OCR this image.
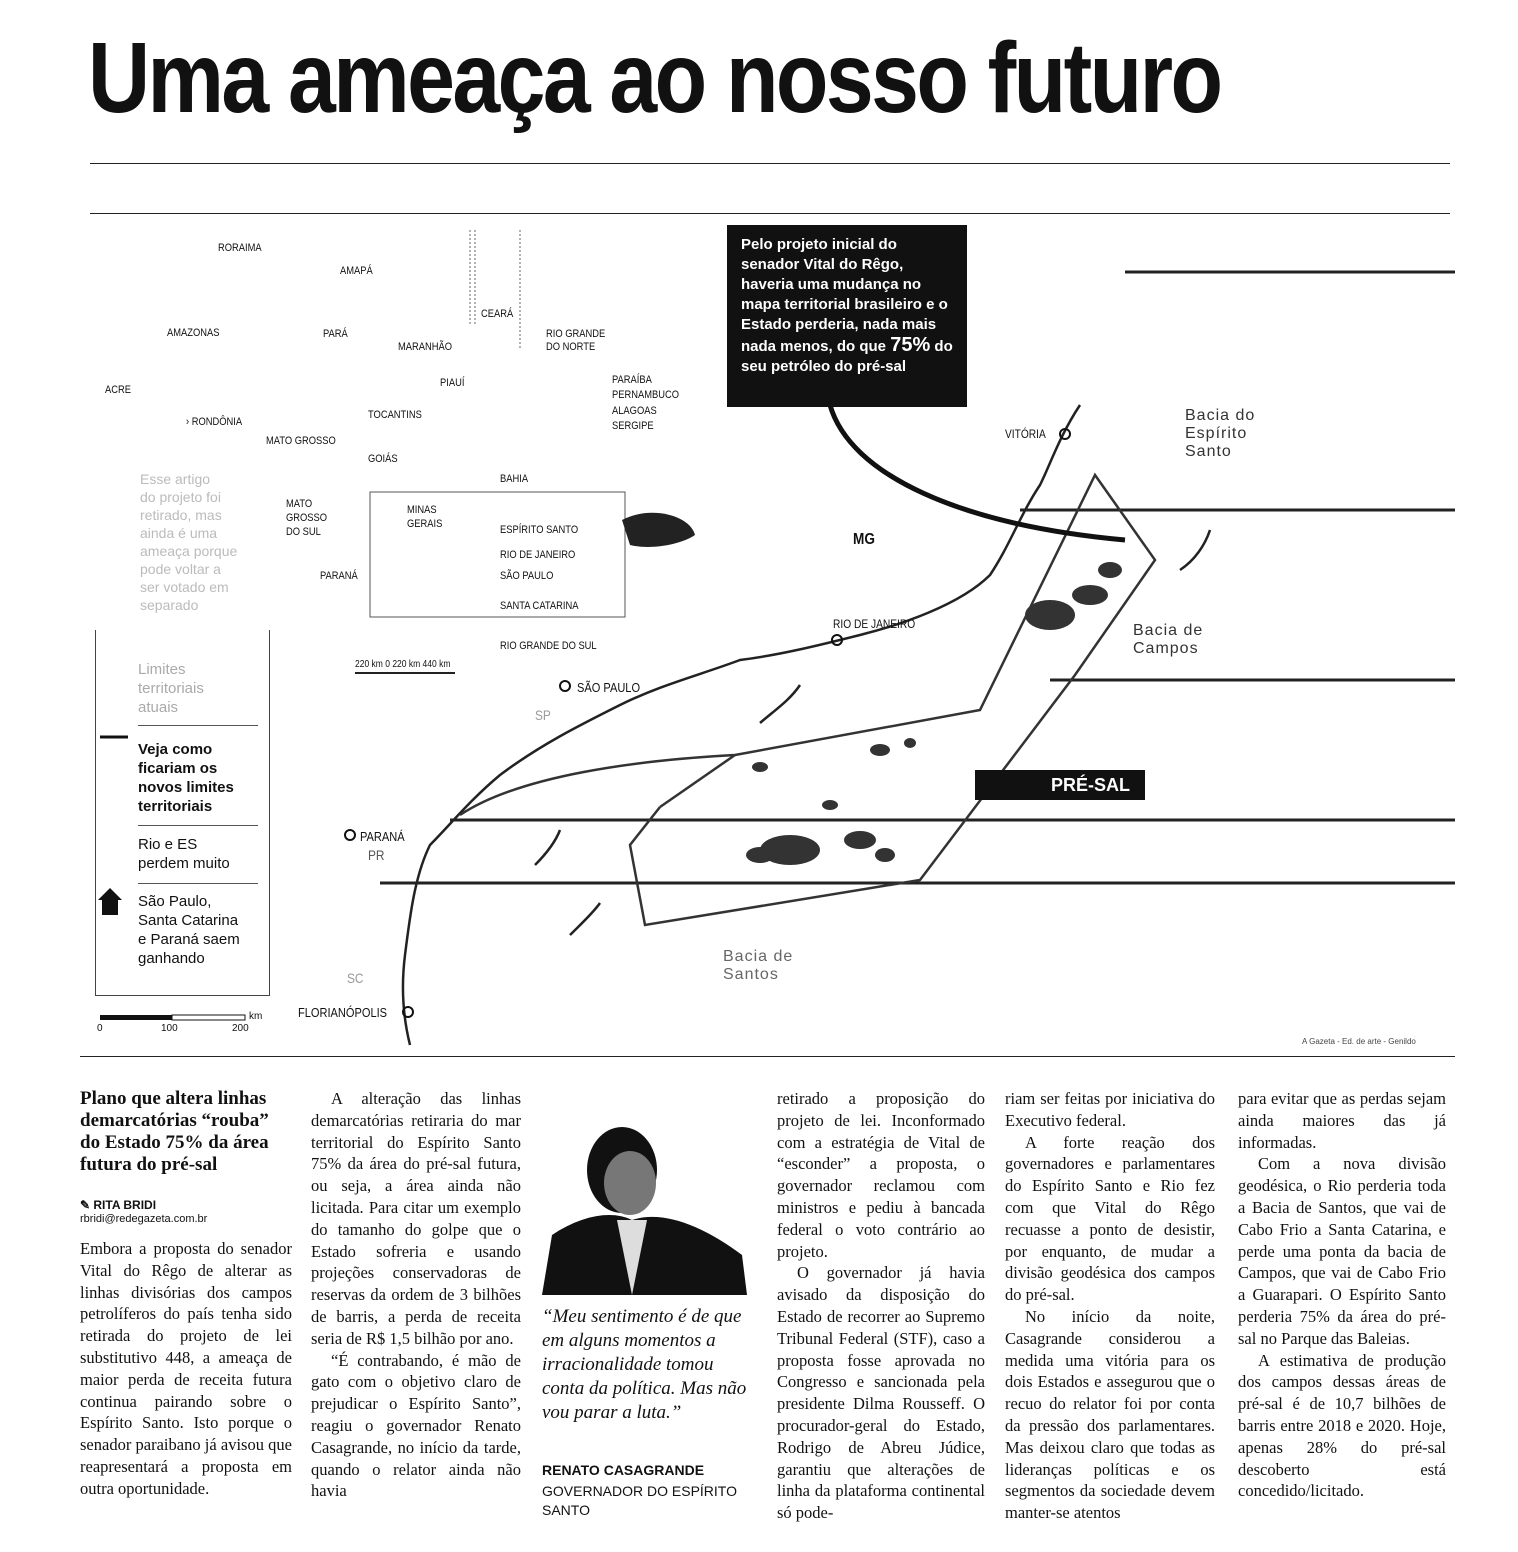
Uma ameaça ao nosso futuro
RORAIMA
AMAPÁ
AMAZONAS	PARÁ
MARANHÃO
CEARÁ
RIO GRANDE
DO NORTE
ACRE
PIAUÍ	PARAÍBA
PERNAMBUCO
ALAGOAS
SERGIPE
› RONDÔNIA
TOCANTINS
MATO GROSSO
GOIÁS
BAHIA
MATO
GROSSO
DO SUL
MINAS
GERAIS	ESPÍRITO SANTO
RIO DE JANEIRO
SÃO PAULO
PARANÁ
SANTA CATARINA
RIO GRANDE DO SUL
220 km 0 220 km 440 km
Pelo projeto inicial do senador Vital do Rêgo, haveria uma mudança no mapa territorial brasileiro e o Estado perderia, nada mais nada menos, do que 75% do seu petróleo do pré-sal
VITÓRIA
RIO DE JANEIRO
SÃO PAULO
PARANÁ
FLORIANÓPOLIS
MG
SP
PR
SC
Bacia do
Espírito
Santo
Bacia de
Campos
Bacia de
Santos
PRÉ-SAL
Esse artigo
do projeto foi
retirado, mas
ainda é uma
ameaça porque
pode voltar a
ser votado em
separado
Limites
territoriais
atuais
Veja como
ficariam os
novos limites
territoriais
Rio e ES
perdem muito
São Paulo,
Santa Catarina
e Paraná saem
ganhando
0	100	200
km
A Gazeta - Ed. de arte - Genildo
Plano que altera linhas demarcatórias “rouba” do Estado 75% da área futura do pré-sal
✎ RITA BRIDI
rbridi@redegazeta.com.br

Embora a proposta do senador Vital do Rêgo de alterar as linhas divisórias dos campos petrolíferos do país tenha sido retirada do projeto de lei substitutivo 448, a ameaça de maior perda de receita futura continua pairando sobre o Espírito Santo. Isto porque o senador paraibano já avisou que reapresentará a proposta em outra oportunidade.

A alteração das linhas demarcatórias retiraria do mar territorial do Espírito Santo 75% da área do pré-sal futura, ou seja, a área ainda não licitada. Para citar um exemplo do tamanho do golpe que o Estado sofreria e usando projeções conservadoras de reservas da ordem de 3 bilhões de barris, a perda de receita seria de R$ 1,5 bilhão por ano.

“É contrabando, é mão de gato com o objetivo claro de prejudicar o Espírito Santo”, reagiu o governador Renato Casagrande, no início da tarde, quando o relator ainda não havia

“Meu sentimento é de que em alguns momentos a irracionalidade tomou conta da política. Mas não vou parar a luta.”
RENATO CASAGRANDE
GOVERNADOR DO ESPÍRITO SANTO

retirado a proposição do projeto de lei. Inconformado com a estratégia de Vital de “esconder” a proposta, o governador reclamou com ministros e pediu à bancada federal o voto contrário ao projeto.

O governador já havia avisado da disposição do Estado de recorrer ao Supremo Tribunal Federal (STF), caso a proposta fosse aprovada no Congresso e sancionada pela presidente Dilma Rousseff. O procurador-geral do Estado, Rodrigo de Abreu Júdice, garantiu que alterações de linha da plataforma continental só pode-

riam ser feitas por iniciativa do Executivo federal.

A forte reação dos governadores e parlamentares do Espírito Santo e Rio fez com que Vital do Rêgo recuasse a ponto de desistir, por enquanto, de mudar a divisão geodésica dos campos do pré-sal.

No início da noite, Casagrande considerou a medida uma vitória para os dois Estados e assegurou que o recuo do relator foi por conta da pressão dos parlamentares. Mas deixou claro que todas as lideranças políticas e os segmentos da sociedade devem manter-se atentos

para evitar que as perdas sejam ainda maiores das já informadas.

Com a nova divisão geodésica, o Rio perderia toda a Bacia de Santos, que vai de Cabo Frio a Santa Catarina, e perde uma ponta da bacia de Campos, que vai de Cabo Frio a Guarapari. O Espírito Santo perderia 75% da área do pré-sal no Parque das Baleias.

A estimativa de produção dos campos dessas áreas de pré-sal é de 10,7 bilhões de barris entre 2018 e 2020. Hoje, apenas 28% do pré-sal descoberto está concedido/licitado.
